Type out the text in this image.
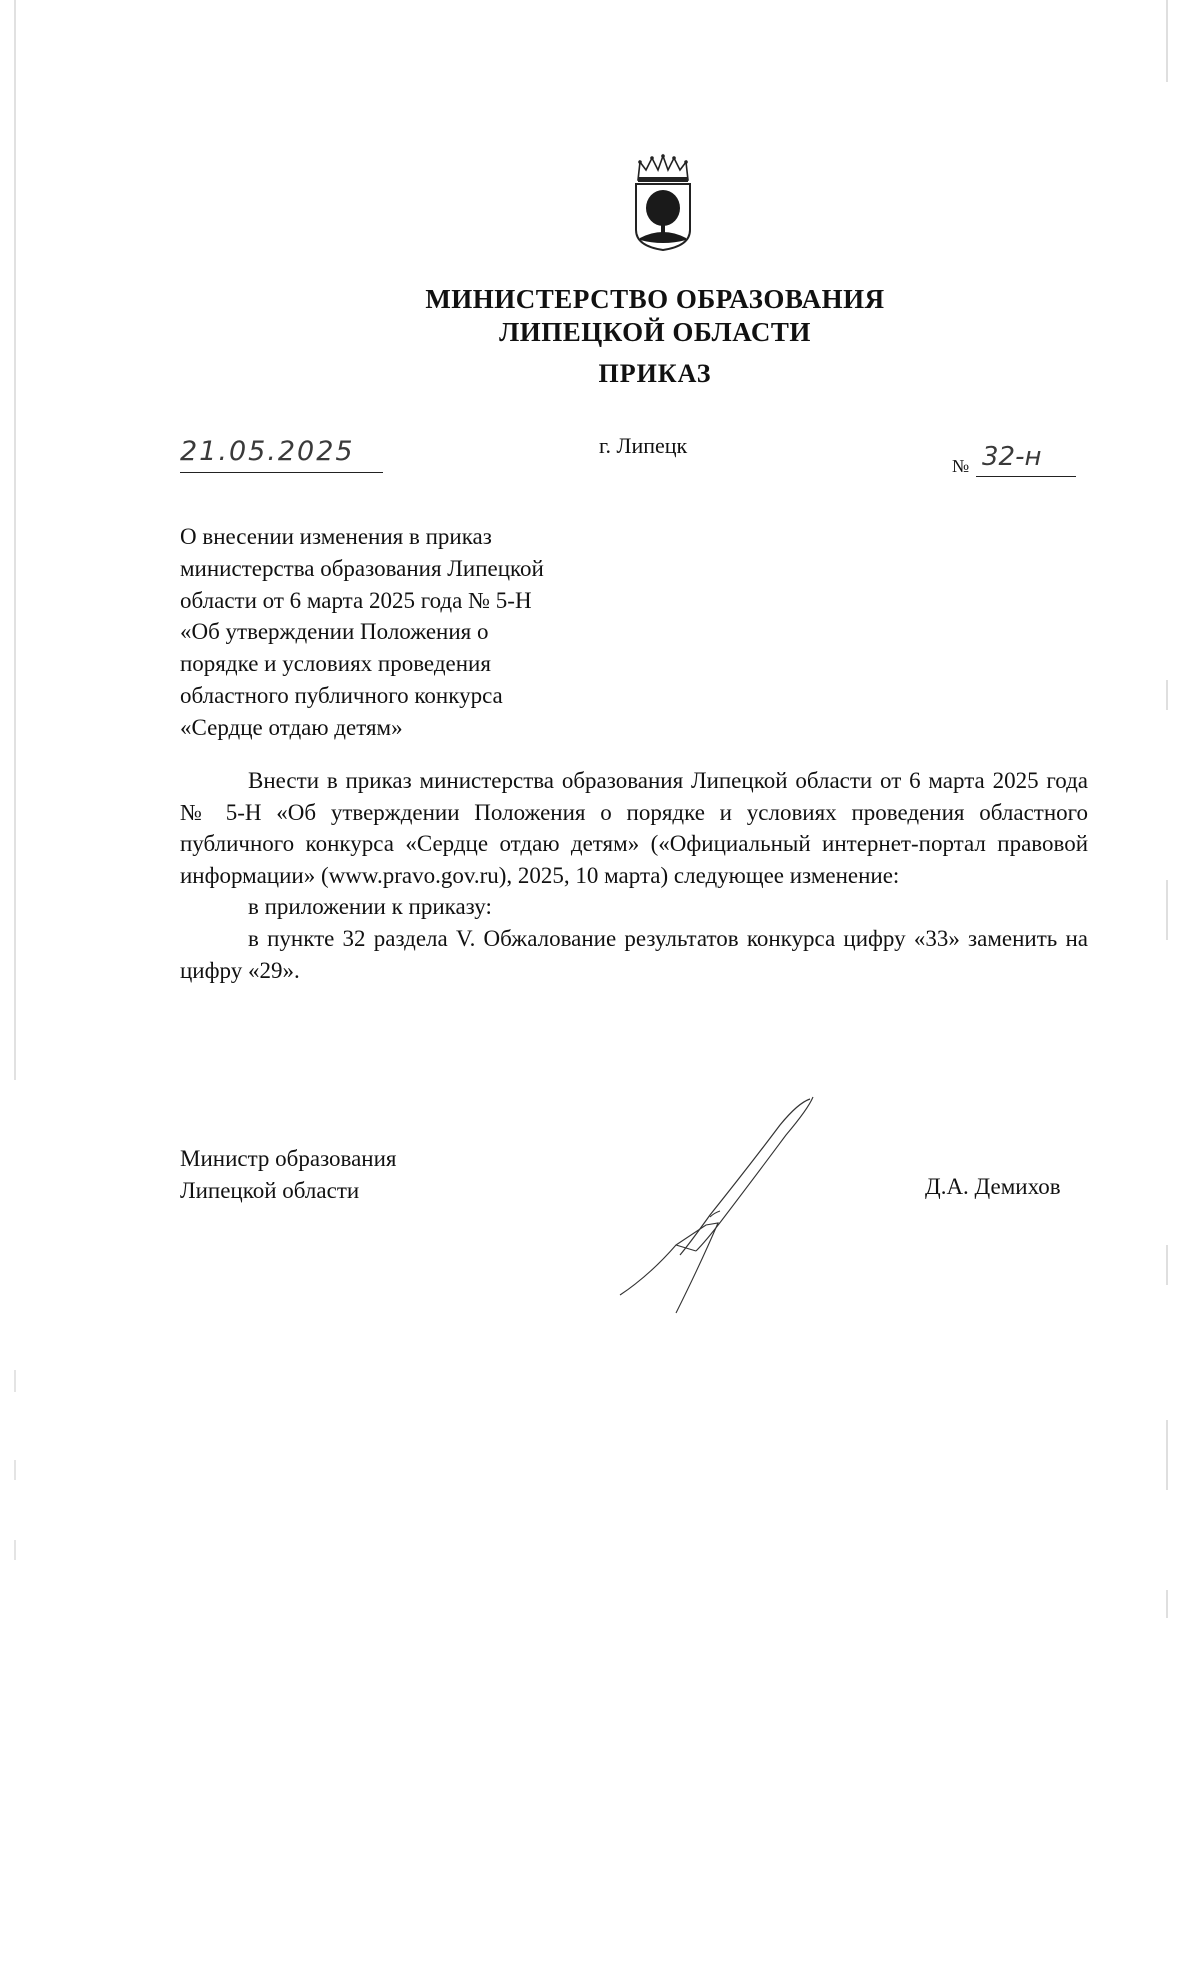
МИНИСТЕРСТВО ОБРАЗОВАНИЯ
ЛИПЕЦКОЙ ОБЛАСТИ
ПРИКАЗ
21.05.2025	г. Липецк
№ 32-н
О внесении изменения в приказ
министерства образования Липецкой
области от 6 марта 2025 года № 5-Н
«Об утверждении Положения о
порядке и условиях проведения
областного публичного конкурса
«Сердце отдаю детям»

Внести в приказ министерства образования Липецкой области от 6 марта 2025 года № 5-Н «Об утверждении Положения о порядке и условиях проведения областного публичного конкурса «Сердце отдаю детям» («Официальный интернет-портал правовой информации» (www.pravo.gov.ru), 2025, 10 марта) следующее изменение:

в приложении к приказу:

в пункте 32 раздела V. Обжалование результатов конкурса цифру «33» заменить на цифру «29».

Министр образования
Липецкой области	Д.А. Демихов
